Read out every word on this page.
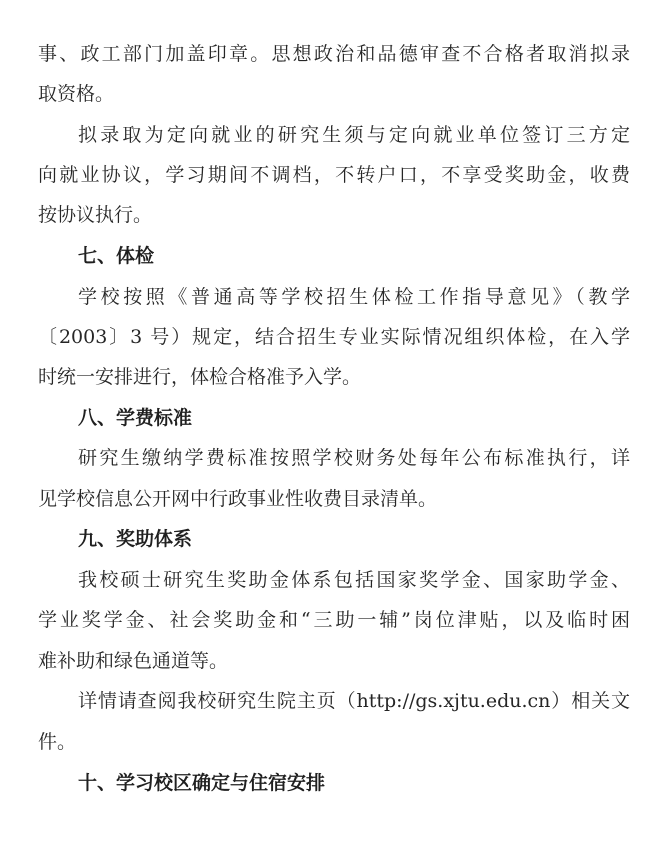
事、政工部门加盖印章。思想政治和品德审查不合格者取消拟录
取资格。
拟录取为定向就业的研究生须与定向就业单位签订三方定
向就业协议，学习期间不调档，不转户口，不享受奖助金，收费
按协议执行。
七、体检
学校按照《普通高等学校招生体检工作指导意见》（教学
〔2003〕3 号）规定，结合招生专业实际情况组织体检，在入学
时统一安排进行，体检合格准予入学。
八、学费标准
研究生缴纳学费标准按照学校财务处每年公布标准执行，详
见学校信息公开网中行政事业性收费目录清单。
九、奖助体系
我校硕士研究生奖助金体系包括国家奖学金、国家助学金、
学业奖学金、社会奖助金和“三助一辅”岗位津贴，以及临时困
难补助和绿色通道等。
详情请查阅我校研究生院主页（http://gs.xjtu.edu.cn）相关文
件。
十、学习校区确定与住宿安排
